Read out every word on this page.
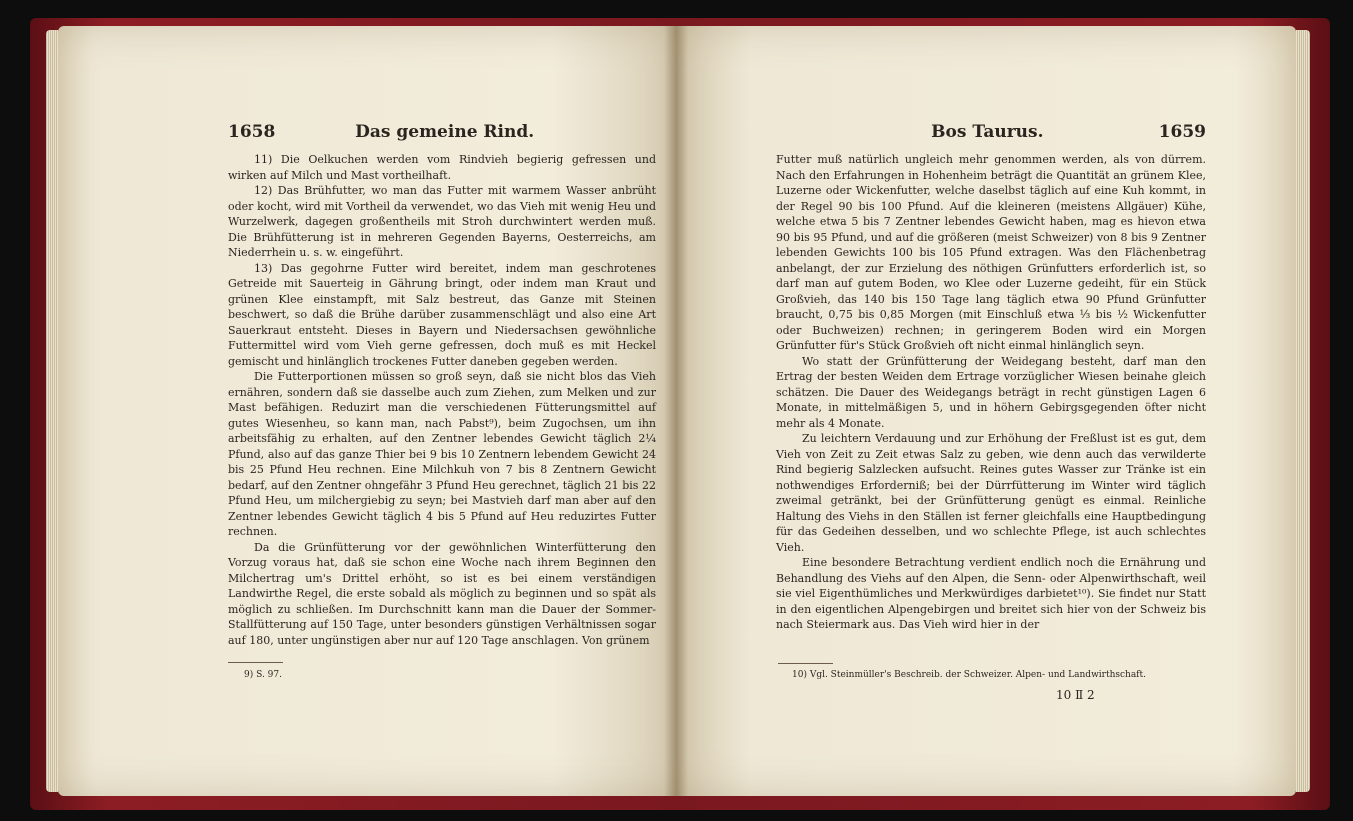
1658	Das gemeine Rind.

11) Die Oelkuchen werden vom Rindvieh begierig gefressen und wirken auf Milch und Mast vortheilhaft.

12) Das Brühfutter, wo man das Futter mit warmem Wasser anbrüht oder kocht, wird mit Vortheil da verwendet, wo das Vieh mit wenig Heu und Wurzelwerk, dagegen großentheils mit Stroh durchwintert werden muß. Die Brühfütterung ist in mehreren Gegenden Bayerns, Oesterreichs, am Niederrhein u. s. w. eingeführt.

13) Das gegohrne Futter wird bereitet, indem man geschrotenes Getreide mit Sauerteig in Gährung bringt, oder indem man Kraut und grünen Klee einstampft, mit Salz bestreut, das Ganze mit Steinen beschwert, so daß die Brühe darüber zusammenschlägt und also eine Art Sauerkraut entsteht. Dieses in Bayern und Niedersachsen gewöhnliche Futtermittel wird vom Vieh gerne gefressen, doch muß es mit Heckel gemischt und hinlänglich trockenes Futter daneben gegeben werden.

Die Futterportionen müssen so groß seyn, daß sie nicht blos das Vieh ernähren, sondern daß sie dasselbe auch zum Ziehen, zum Melken und zur Mast befähigen. Reduzirt man die verschiedenen Fütterungsmittel auf gutes Wiesenheu, so kann man, nach Pabst⁹), beim Zugochsen, um ihn arbeitsfähig zu erhalten, auf den Zentner lebendes Gewicht täglich 2¼ Pfund, also auf das ganze Thier bei 9 bis 10 Zentnern lebendem Gewicht 24 bis 25 Pfund Heu rechnen. Eine Milchkuh von 7 bis 8 Zentnern Gewicht bedarf, auf den Zentner ohngefähr 3 Pfund Heu gerechnet, täglich 21 bis 22 Pfund Heu, um milchergiebig zu seyn; bei Mastvieh darf man aber auf den Zentner lebendes Gewicht täglich 4 bis 5 Pfund auf Heu reduzirtes Futter rechnen.

Da die Grünfütterung vor der gewöhnlichen Winterfütterung den Vorzug voraus hat, daß sie schon eine Woche nach ihrem Beginnen den Milchertrag um's Drittel erhöht, so ist es bei einem verständigen Landwirthe Regel, die erste sobald als möglich zu beginnen und so spät als möglich zu schließen. Im Durchschnitt kann man die Dauer der Sommer-Stallfütterung auf 150 Tage, unter besonders günstigen Verhältnissen sogar auf 180, unter ungünstigen aber nur auf 120 Tage anschlagen. Von grünem

9) S. 97.
Bos Taurus.	1659

Futter muß natürlich ungleich mehr genommen werden, als von dürrem. Nach den Erfahrungen in Hohenheim beträgt die Quantität an grünem Klee, Luzerne oder Wickenfutter, welche daselbst täglich auf eine Kuh kommt, in der Regel 90 bis 100 Pfund. Auf die kleineren (meistens Allgäuer) Kühe, welche etwa 5 bis 7 Zentner lebendes Gewicht haben, mag es hievon etwa 90 bis 95 Pfund, und auf die größeren (meist Schweizer) von 8 bis 9 Zentner lebenden Gewichts 100 bis 105 Pfund extragen. Was den Flächenbetrag anbelangt, der zur Erzielung des nöthigen Grünfutters erforderlich ist, so darf man auf gutem Boden, wo Klee oder Luzerne gedeiht, für ein Stück Großvieh, das 140 bis 150 Tage lang täglich etwa 90 Pfund Grünfutter braucht, 0,75 bis 0,85 Morgen (mit Einschluß etwa ⅓ bis ½ Wickenfutter oder Buchweizen) rechnen; in geringerem Boden wird ein Morgen Grünfutter für's Stück Großvieh oft nicht einmal hinlänglich seyn.

Wo statt der Grünfütterung der Weidegang besteht, darf man den Ertrag der besten Weiden dem Ertrage vorzüglicher Wiesen beinahe gleich schätzen. Die Dauer des Weidegangs beträgt in recht günstigen Lagen 6 Monate, in mittelmäßigen 5, und in höhern Gebirgsgegenden öfter nicht mehr als 4 Monate.

Zu leichtern Verdauung und zur Erhöhung der Freßlust ist es gut, dem Vieh von Zeit zu Zeit etwas Salz zu geben, wie denn auch das verwilderte Rind begierig Salzlecken aufsucht. Reines gutes Wasser zur Tränke ist ein nothwendiges Erforderniß; bei der Dürrfütterung im Winter wird täglich zweimal getränkt, bei der Grünfütterung genügt es einmal. Reinliche Haltung des Viehs in den Ställen ist ferner gleichfalls eine Hauptbedingung für das Gedeihen desselben, und wo schlechte Pflege, ist auch schlechtes Vieh.

Eine besondere Betrachtung verdient endlich noch die Ernährung und Behandlung des Viehs auf den Alpen, die Senn- oder Alpenwirthschaft, weil sie viel Eigenthümliches und Merkwürdiges darbietet¹⁰). Sie findet nur Statt in den eigentlichen Alpengebirgen und breitet sich hier von der Schweiz bis nach Steiermark aus. Das Vieh wird hier in der

10) Vgl. Steinmüller's Beschreib. der Schweizer. Alpen- und Landwirthschaft.
10 Ⅱ 2
